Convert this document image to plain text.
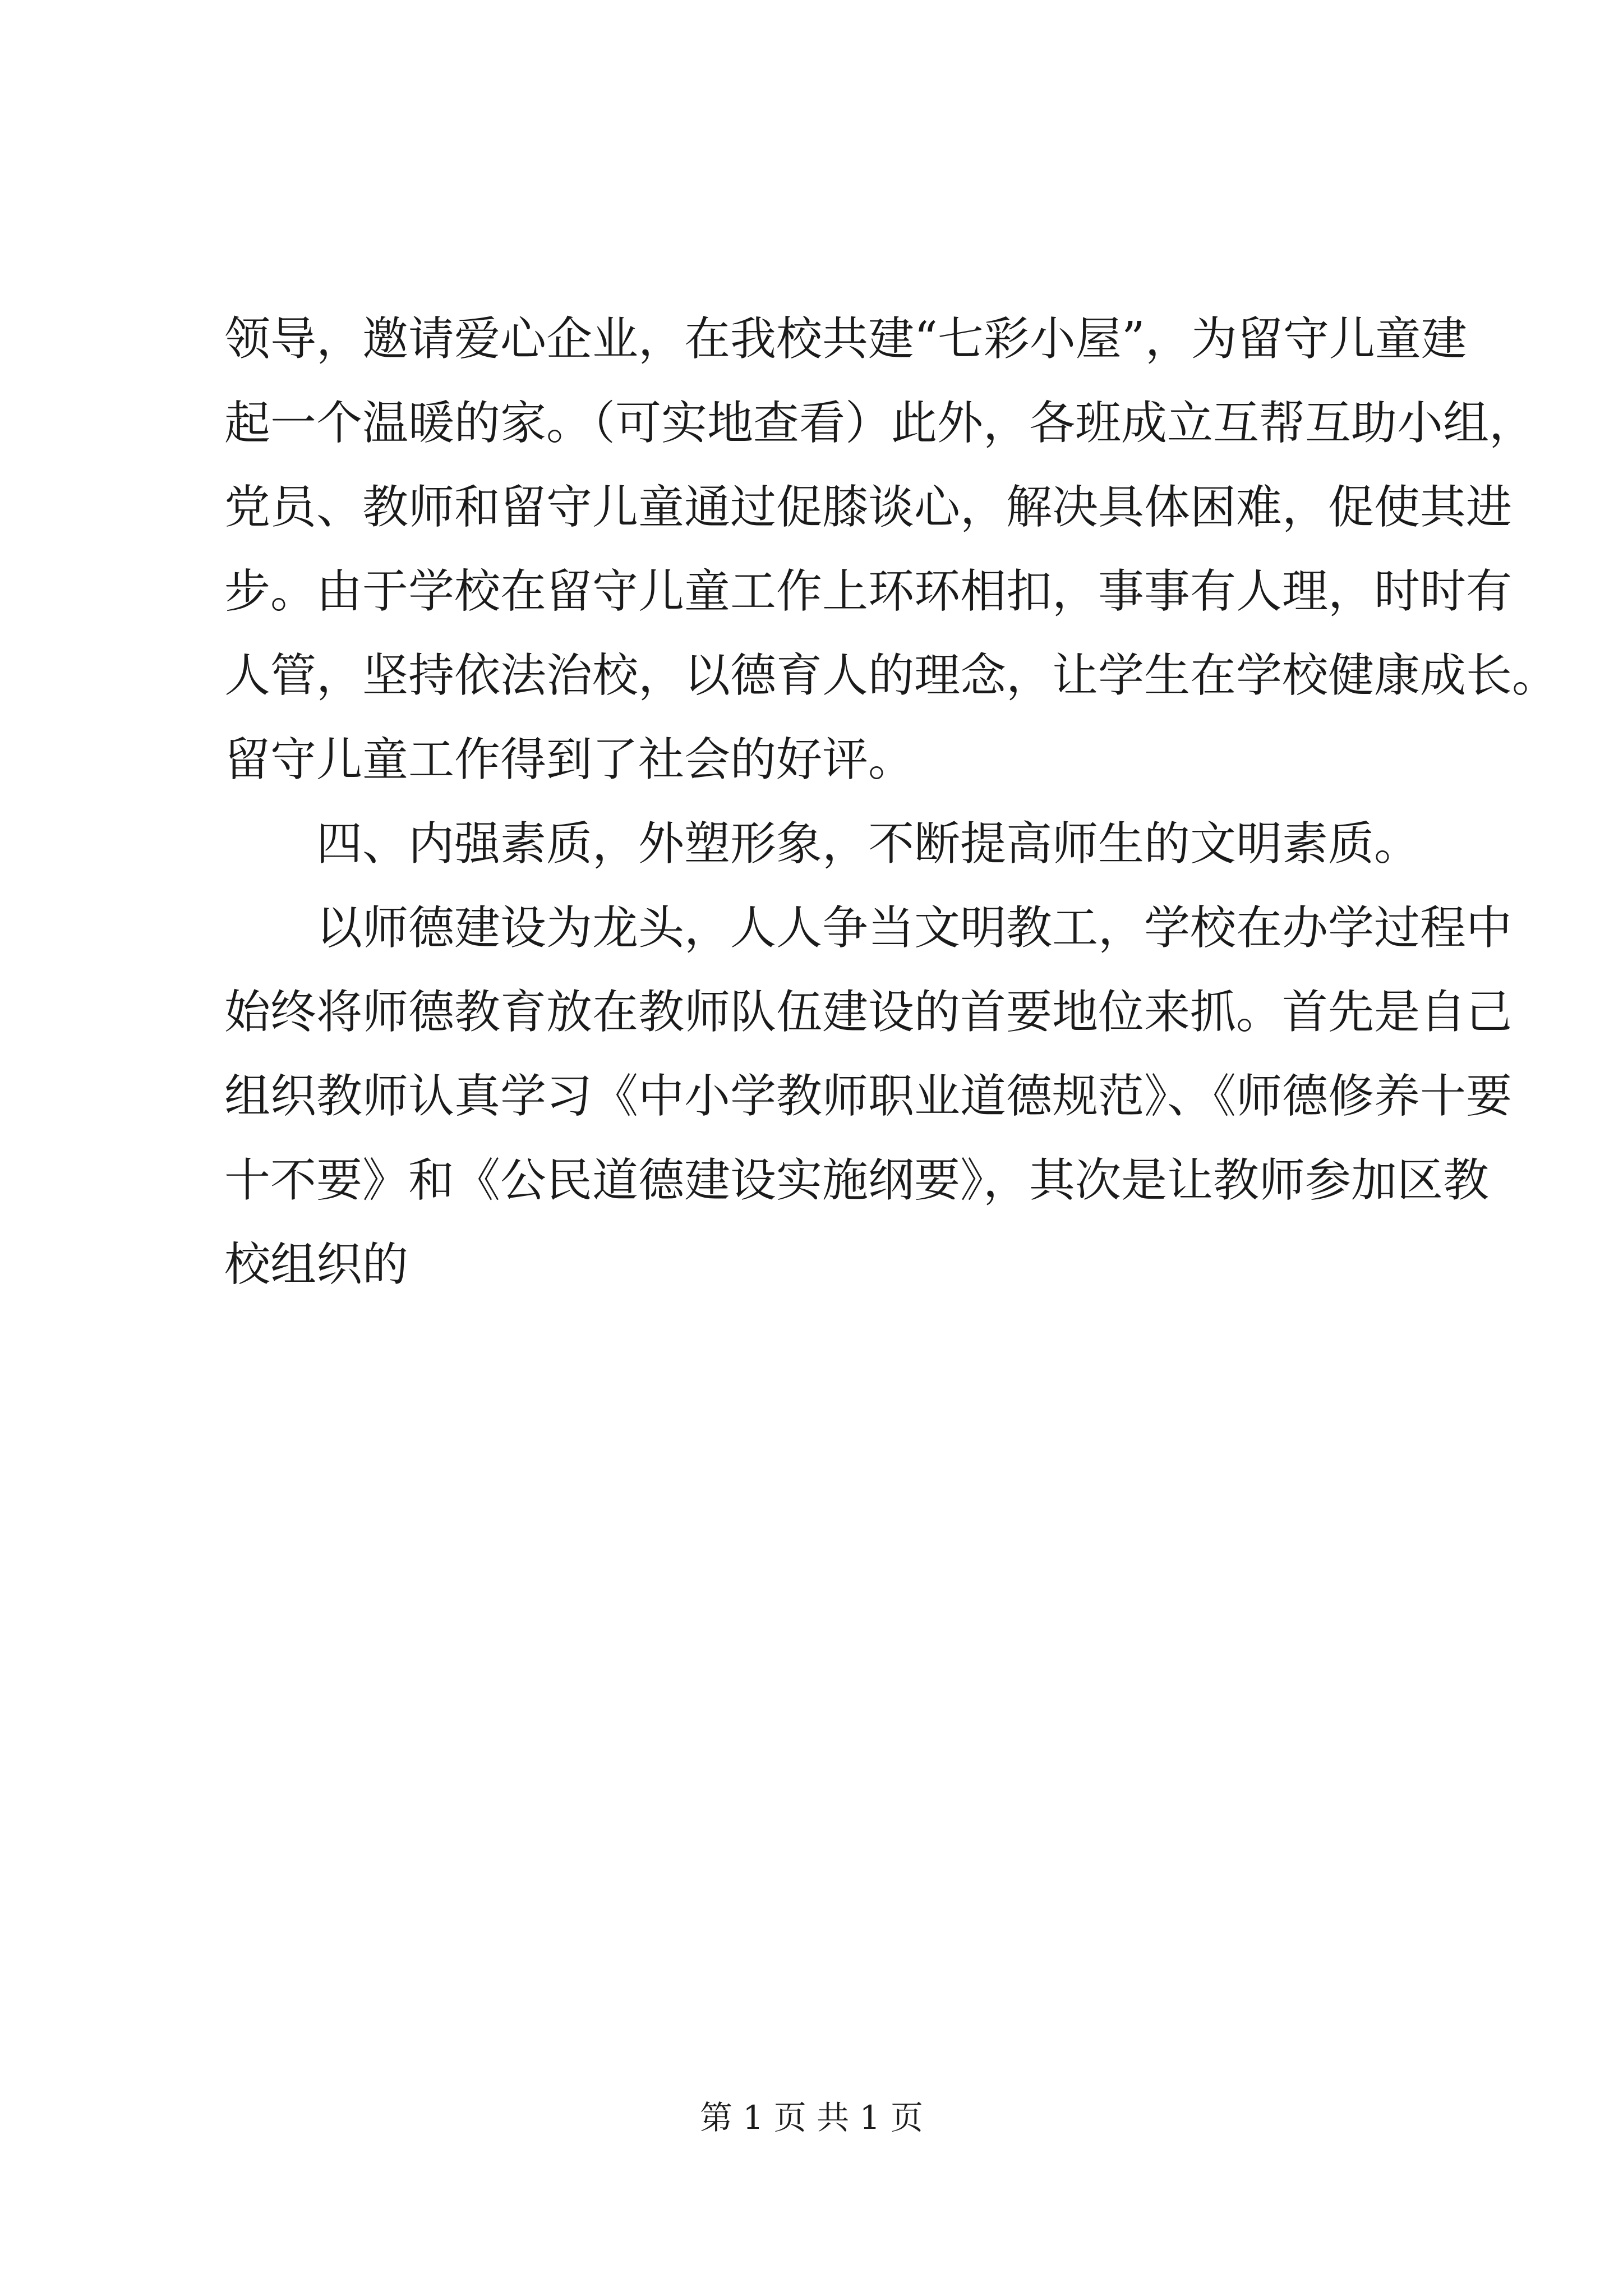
领导，邀请爱心企业，在我校共建“七彩小屋”，为留守儿童建
起一个温暖的家。（可实地查看）此外，各班成立互帮互助小组，
党员、教师和留守儿童通过促膝谈心，解决具体困难，促使其进
步。由于学校在留守儿童工作上环环相扣，事事有人理，时时有
人管，坚持依法治校，以德育人的理念，让学生在学校健康成长。
留守儿童工作得到了社会的好评。
四、内强素质，外塑形象，不断提高师生的文明素质。
以师德建设为龙头，人人争当文明教工，学校在办学过程中
始终将师德教育放在教师队伍建设的首要地位来抓。首先是自己
组织教师认真学习《中小学教师职业道德规范》、《师德修养十要
十不要》和《公民道德建设实施纲要》，其次是让教师参加区教
校组织的
第 1 页 共 1 页
